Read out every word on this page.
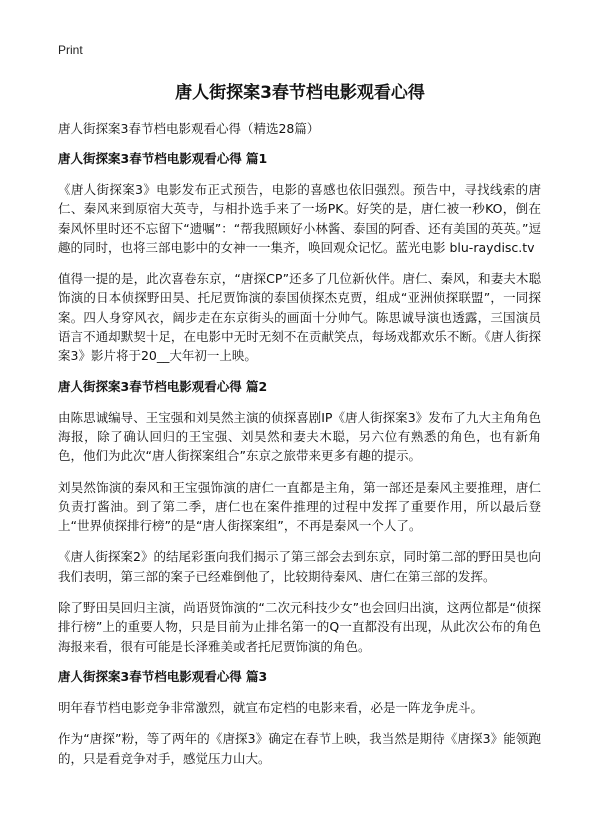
Print
唐人街探案3春节档电影观看心得

唐人街探案3春节档电影观看心得（精选28篇）

唐人街探案3春节档电影观看心得 篇1

《唐人街探案3》电影发布正式预告，电影的喜感也依旧强烈。预告中，寻找线索的唐仁、秦风来到原宿大英寺，与相扑选手来了一场PK。好笑的是，唐仁被一秒KO，倒在秦风怀里时还不忘留下“遗嘱”：“帮我照顾好小林酱、泰国的阿香、还有美国的英英。”逗趣的同时，也将三部电影中的女神一一集齐，唤回观众记忆。蓝光电影 blu-raydisc.tv

值得一提的是，此次喜卷东京，“唐探CP”还多了几位新伙伴。唐仁、秦风，和妻夫木聪饰演的日本侦探野田昊、托尼贾饰演的泰国侦探杰克贾，组成“亚洲侦探联盟”，一同探案。四人身穿风衣，阔步走在东京街头的画面十分帅气。陈思诚导演也透露，三国演员语言不通却默契十足，在电影中无时无刻不在贡献笑点，每场戏都欢乐不断。《唐人街探案3》影片将于20__大年初一上映。

唐人街探案3春节档电影观看心得 篇2

由陈思诚编导、王宝强和刘昊然主演的侦探喜剧IP《唐人街探案3》发布了九大主角角色海报，除了确认回归的王宝强、刘昊然和妻夫木聪，另六位有熟悉的角色，也有新角色，他们为此次“唐人街探案组合”东京之旅带来更多有趣的提示。

刘昊然饰演的秦风和王宝强饰演的唐仁一直都是主角，第一部还是秦风主要推理，唐仁负责打酱油。到了第二季，唐仁也在案件推理的过程中发挥了重要作用，所以最后登上“世界侦探排行榜”的是“唐人街探案组”，不再是秦风一个人了。

《唐人街探案2》的结尾彩蛋向我们揭示了第三部会去到东京，同时第二部的野田昊也向我们表明，第三部的案子已经难倒他了，比较期待秦风、唐仁在第三部的发挥。

除了野田昊回归主演，尚语贤饰演的“二次元科技少女”也会回归出演，这两位都是“侦探排行榜”上的重要人物，只是目前为止排名第一的Q一直都没有出现，从此次公布的角色海报来看，很有可能是长泽雅美或者托尼贾饰演的角色。

唐人街探案3春节档电影观看心得 篇3

明年春节档电影竞争非常激烈，就宣布定档的电影来看，必是一阵龙争虎斗。

作为“唐探”粉，等了两年的《唐探3》确定在春节上映，我当然是期待《唐探3》能领跑的，只是看竞争对手，感觉压力山大。
